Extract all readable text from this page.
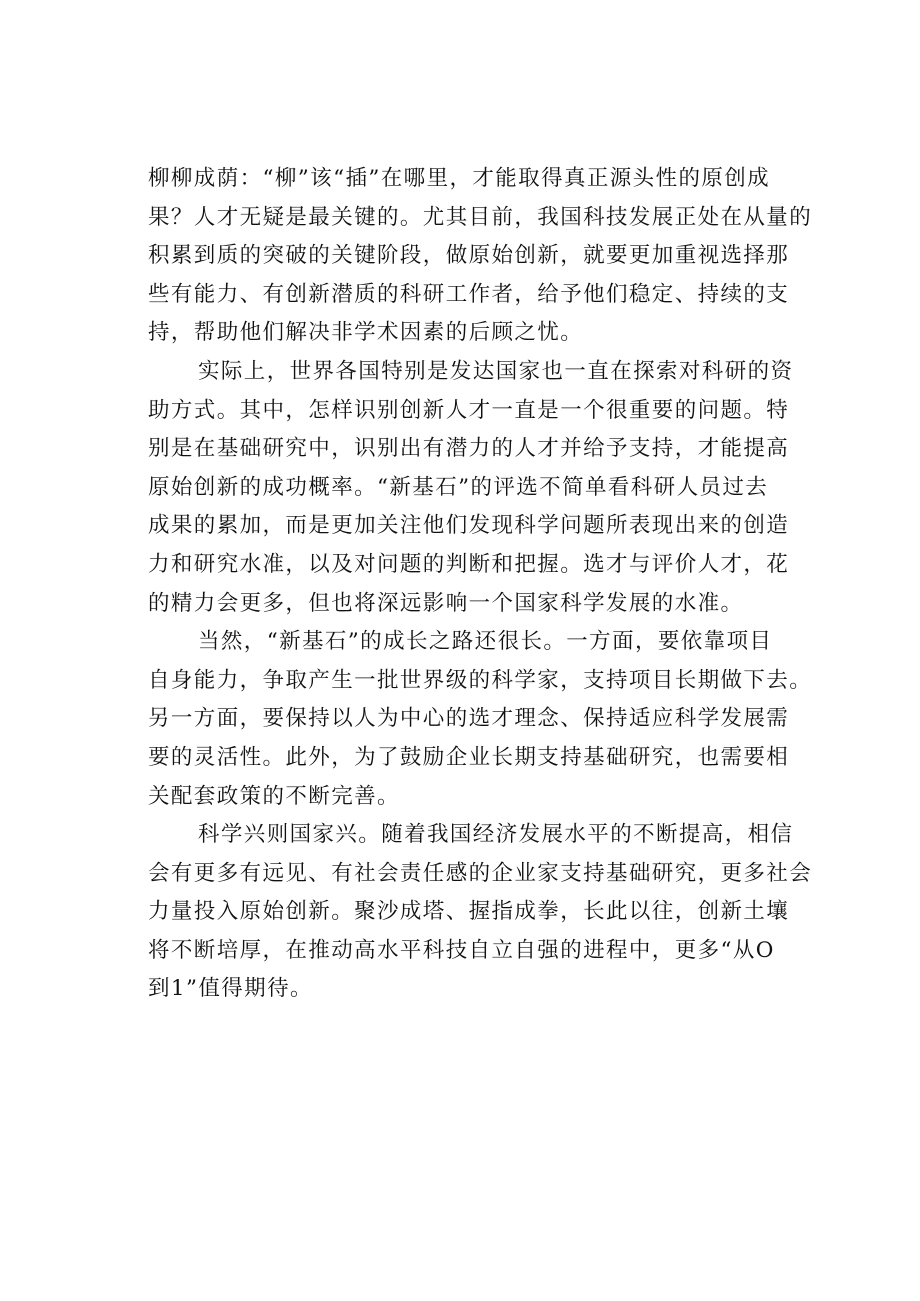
柳柳成荫：“柳”该“插”在哪里，才能取得真正源头性的原创成
果？人才无疑是最关键的。尤其目前，我国科技发展正处在从量的
积累到质的突破的关键阶段，做原始创新，就要更加重视选择那
些有能力、有创新潜质的科研工作者，给予他们稳定、持续的支
持，帮助他们解决非学术因素的后顾之忧。
实际上，世界各国特别是发达国家也一直在探索对科研的资
助方式。其中，怎样识别创新人才一直是一个很重要的问题。特
别是在基础研究中，识别出有潜力的人才并给予支持，才能提高
原始创新的成功概率。“新基石”的评选不简单看科研人员过去
成果的累加，而是更加关注他们发现科学问题所表现出来的创造
力和研究水准，以及对问题的判断和把握。选才与评价人才，花
的精力会更多，但也将深远影响一个国家科学发展的水准。
当然，“新基石”的成长之路还很长。一方面，要依靠项目
自身能力，争取产生一批世界级的科学家，支持项目长期做下去。
另一方面，要保持以人为中心的选才理念、保持适应科学发展需
要的灵活性。此外，为了鼓励企业长期支持基础研究，也需要相
关配套政策的不断完善。
科学兴则国家兴。随着我国经济发展水平的不断提高，相信
会有更多有远见、有社会责任感的企业家支持基础研究，更多社会
力量投入原始创新。聚沙成塔、握指成拳，长此以往，创新土壤
将不断培厚，在推动高水平科技自立自强的进程中，更多“从O
到1”值得期待。
